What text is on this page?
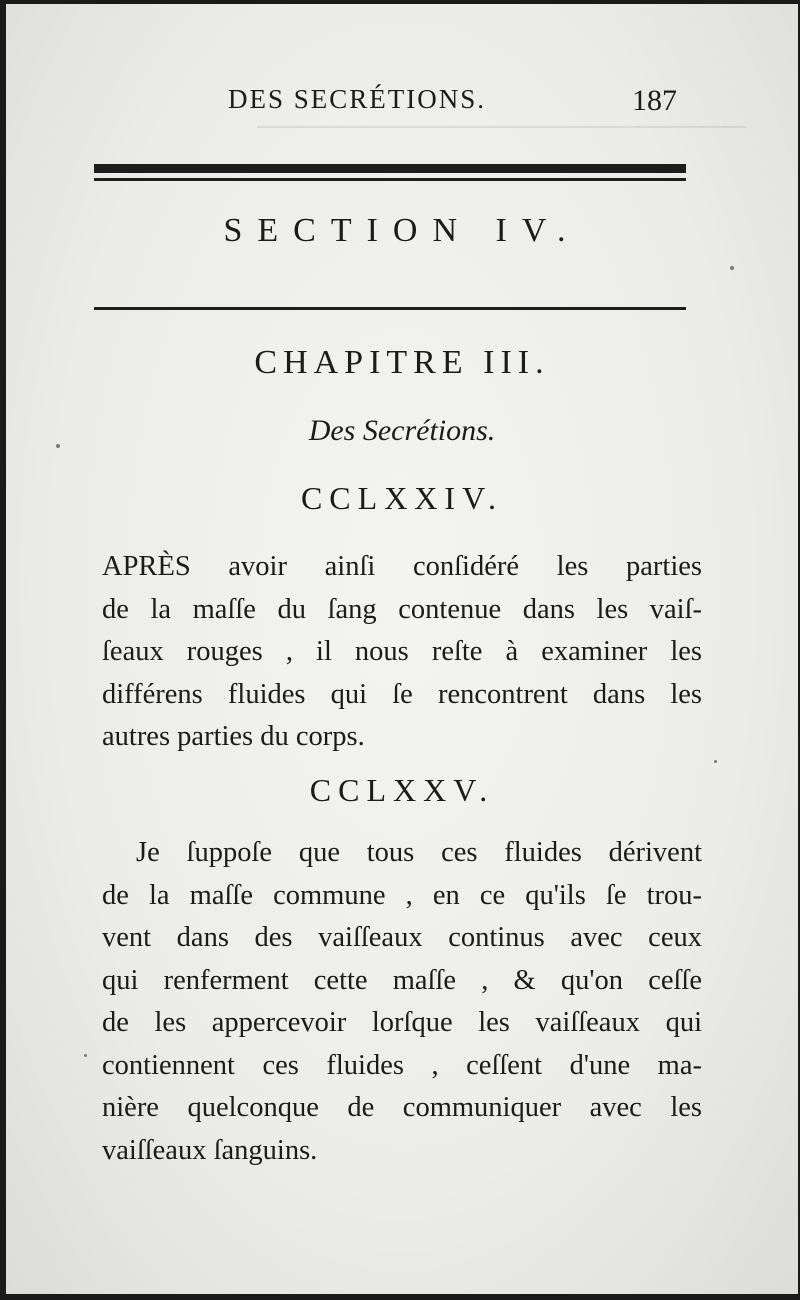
───────────────────────
DES SECRÉTIONS.	187
SECTION IV.
CHAPITRE III.
Des Secrétions.
CCLXXIV.
APRÈS avoir ainſi conſidéré les parties
de la maſſe du ſang contenue dans les vaiſ-
ſeaux rouges , il nous reſte à examiner les
différens fluides qui ſe rencontrent dans les
autres parties du corps.
CCLXXV.
Je ſuppoſe que tous ces fluides dérivent
de la maſſe commune , en ce qu'ils ſe trou-
vent dans des vaiſſeaux continus avec ceux
qui renferment cette maſſe , & qu'on ceſſe
de les appercevoir lorſque les vaiſſeaux qui
contiennent ces fluides , ceſſent d'une ma-
nière quelconque de communiquer avec les
vaiſſeaux ſanguins.
